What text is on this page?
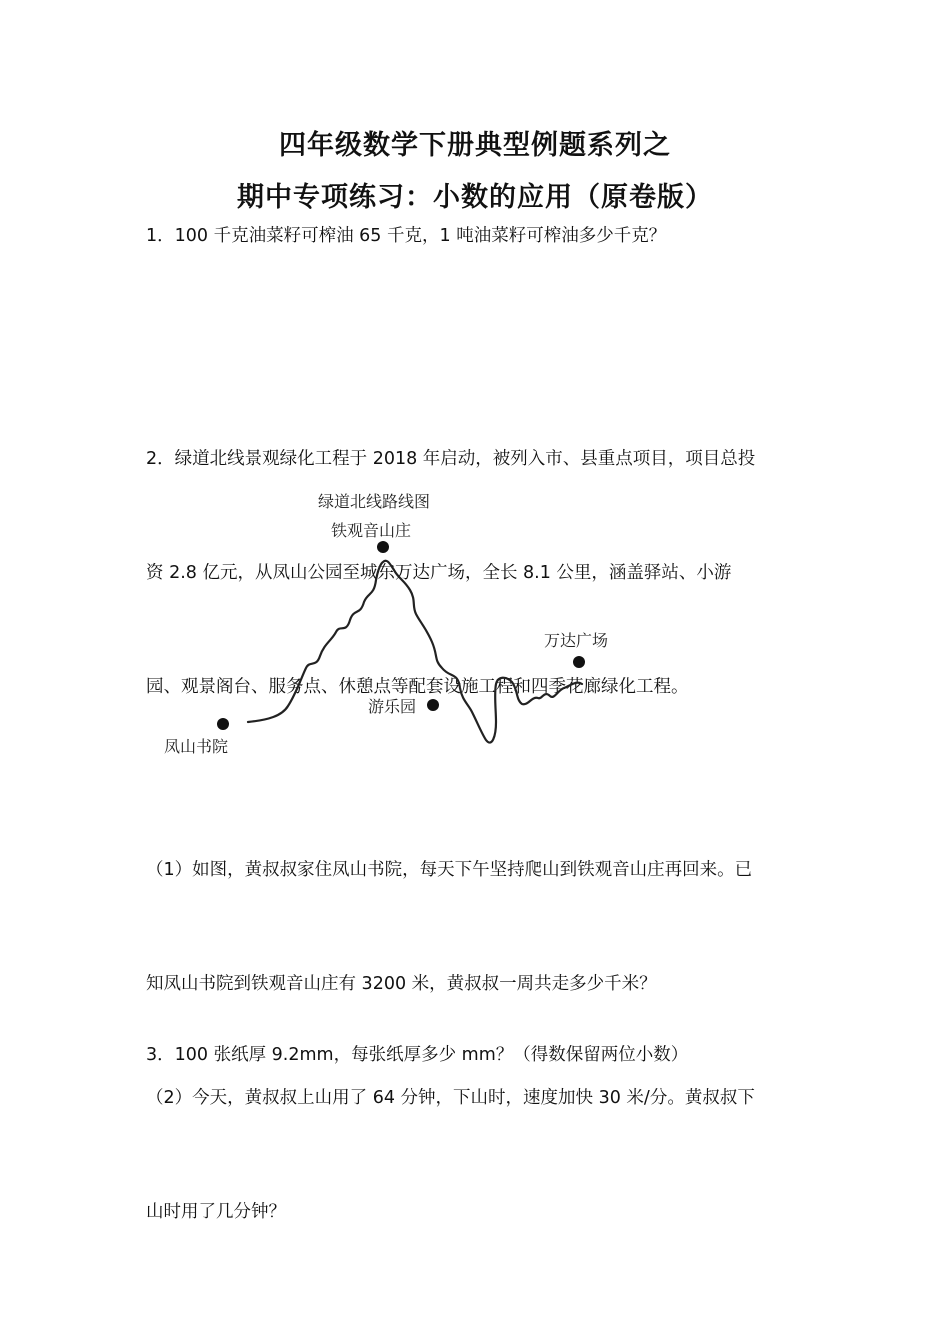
四年级数学下册典型例题系列之
期中专项练习：小数的应用（原卷版）

1．100 千克油菜籽可榨油 65 千克，1 吨油菜籽可榨油多少千克？

2．绿道北线景观绿化工程于 2018 年启动，被列入市、县重点项目，项目总投

资 2.8 亿元，从凤山公园至城东万达广场，全长 8.1 公里，涵盖驿站、小游

园、观景阁台、服务点、休憩点等配套设施工程和四季花廊绿化工程。

绿道北线路线图
铁观音山庄
万达广场
游乐园
凤山书院

（1）如图，黄叔叔家住凤山书院，每天下午坚持爬山到铁观音山庄再回来。已

知凤山书院到铁观音山庄有 3200 米，黄叔叔一周共走多少千米？

（2）今天，黄叔叔上山用了 64 分钟，下山时，速度加快 30 米/分。黄叔叔下

山时用了几分钟？

3．100 张纸厚 9.2mm，每张纸厚多少 mm？（得数保留两位小数）
